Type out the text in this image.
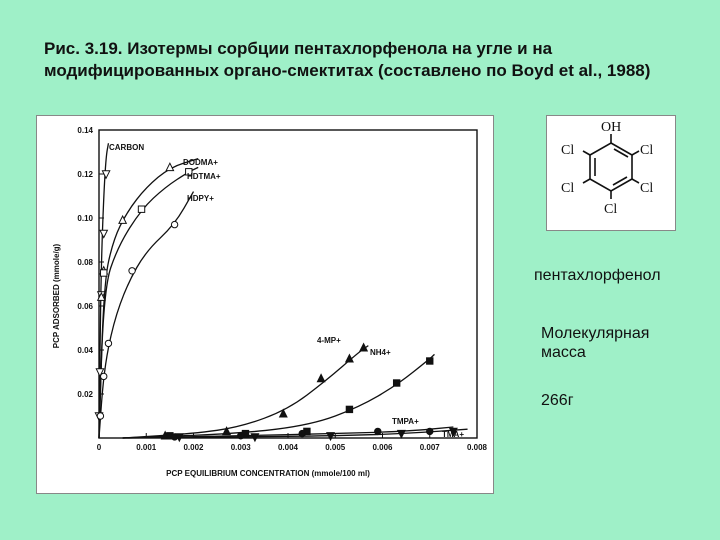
Рис. 3.19. Изотермы сорбции пентахлорфенола на угле и на модифицированных органо-смектитах (составлено по Boyd et al., 1988)
0	0.001	0.002	0.003	0.004	0.005	0.006	0.007	0.008
0.02
0.04
0.06
0.08
0.10
0.12
0.14
PCP ADSORBED (mmole/g)
PCP EQUILIBRIUM CONCENTRATION (mmole/100 ml)
CARBON
DODMA+
HDTMA+
HDPY+
4-MP+
NH4+
TMPA+
TMA+
OH
Cl
Cl
Cl
Cl
Cl
пентахлорфенол
Молекулярная масса
266г
